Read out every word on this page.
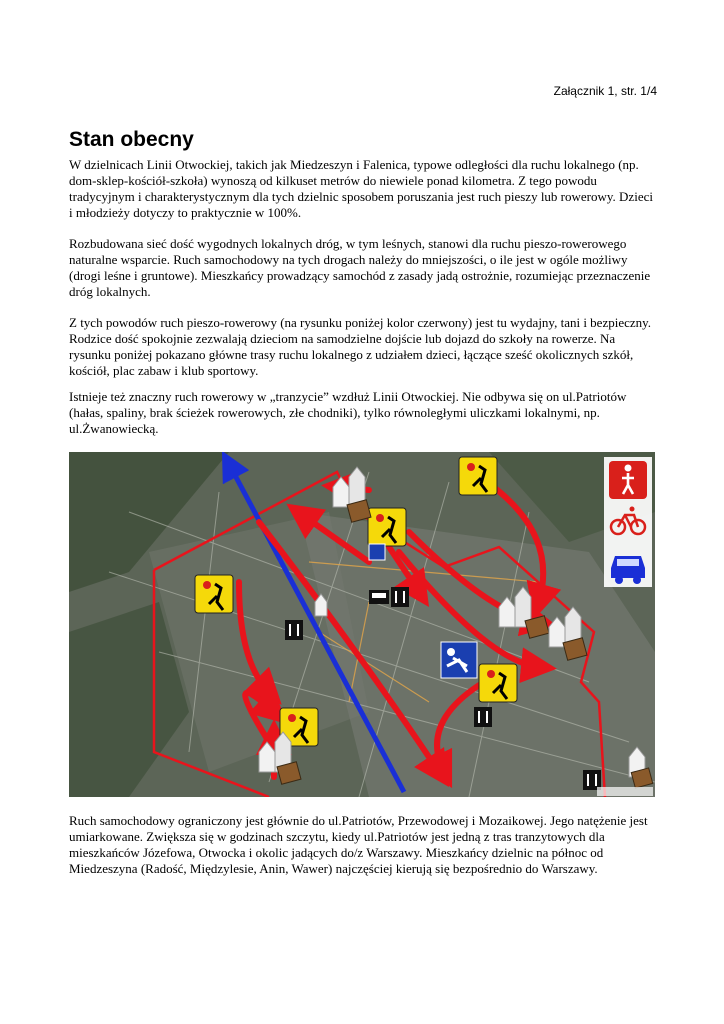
Załącznik 1, str. 1/4
Stan obecny

W dzielnicach Linii Otwockiej, takich jak Miedzeszyn i Falenica, typowe odległości dla ruchu lokalnego (np. dom-sklep-kościół-szkoła) wynoszą od kilkuset metrów do niewiele ponad kilometra. Z tego powodu tradycyjnym i charakterystycznym dla tych dzielnic sposobem poruszania jest ruch pieszy lub rowerowy. Dzieci i młodzieży dotyczy to praktycznie w 100%.

Rozbudowana sieć dość wygodnych lokalnych dróg, w tym leśnych, stanowi dla ruchu pieszo-rowerowego naturalne wsparcie. Ruch samochodowy na tych drogach należy do mniejszości, o ile jest w ogóle możliwy (drogi leśne i gruntowe). Mieszkańcy prowadzący samochód z zasady jadą ostrożnie, rozumiejąc przeznaczenie dróg lokalnych.

Z tych powodów ruch pieszo-rowerowy (na rysunku poniżej kolor czerwony) jest tu wydajny, tani i bezpieczny. Rodzice dość spokojnie zezwalają dzieciom na samodzielne dojście lub dojazd do szkoły na rowerze. Na rysunku poniżej pokazano główne trasy ruchu lokalnego z udziałem dzieci, łączące sześć okolicznych szkół, kościół, plac zabaw i klub sportowy.

Istnieje też znaczny ruch rowerowy w „tranzycie” wzdłuż Linii Otwockiej. Nie odbywa się on ul.Patriotów (hałas, spaliny, brak ścieżek rowerowych, złe chodniki), tylko równoległymi uliczkami lokalnymi, np. ul.Żwanowiecką.

Ruch samochodowy ograniczony jest głównie do ul.Patriotów, Przewodowej i Mozaikowej. Jego natężenie jest umiarkowane. Zwiększa się w godzinach szczytu, kiedy ul.Patriotów jest jedną z tras tranzytowych dla mieszkańców Józefowa, Otwocka i okolic jadących do/z Warszawy. Mieszkańcy dzielnic na północ od Miedzeszyna (Radość, Międzylesie, Anin, Wawer) najczęściej kierują się bezpośrednio do Warszawy.
